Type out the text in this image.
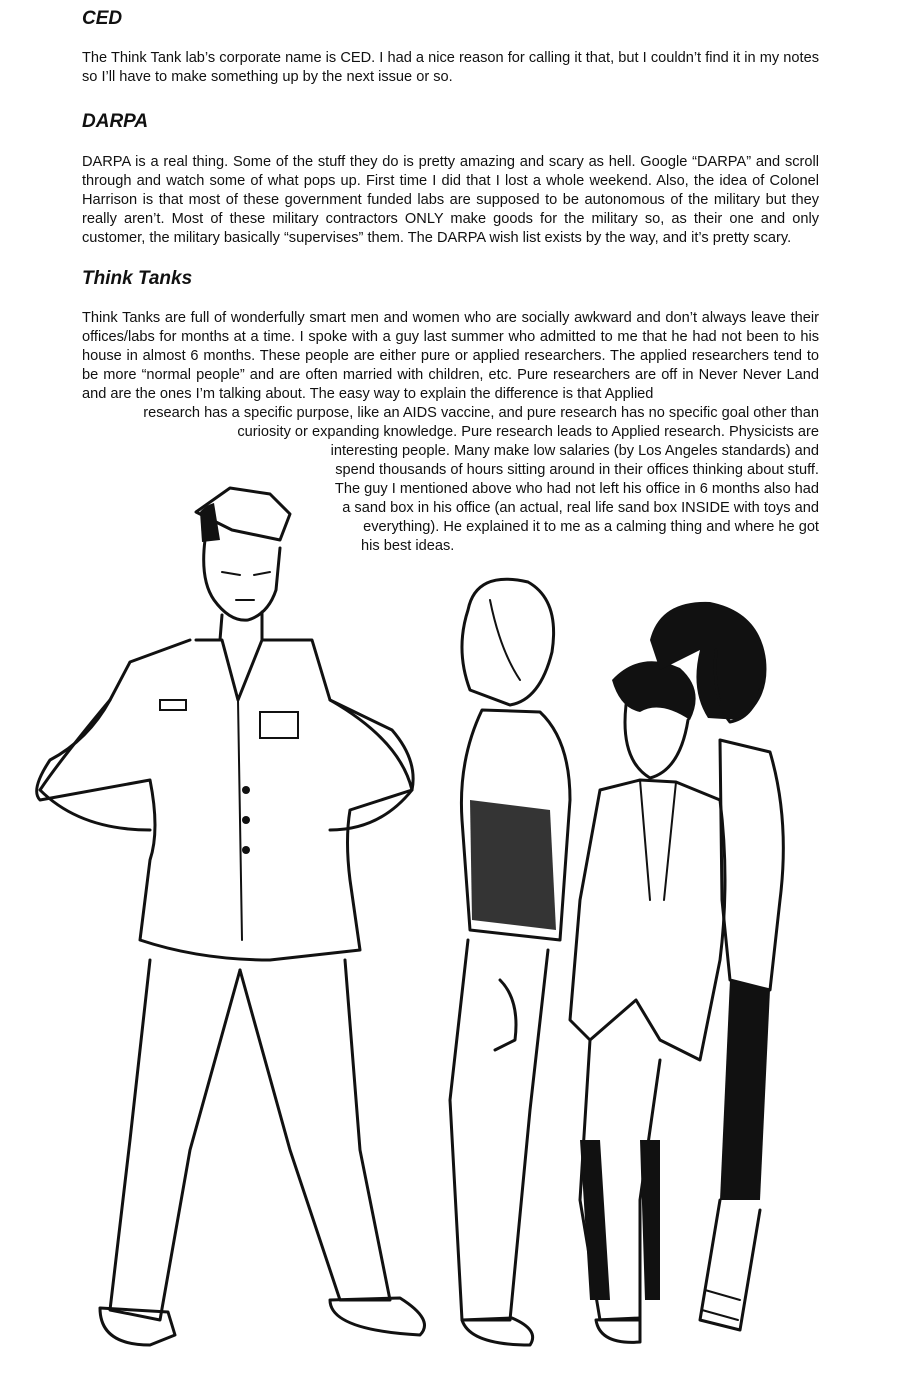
CED

The Think Tank lab’s corporate name is CED. I had a nice reason for calling it that, but I couldn’t find it in my notes so I’ll have to make something up by the next issue or so.

DARPA

DARPA is a real thing. Some of the stuff they do is pretty amazing and scary as hell. Google “DARPA” and scroll through and watch some of what pops up. First time I did that I lost a whole weekend. Also, the idea of Colonel Harrison is that most of these government funded labs are supposed to be autonomous of the military but they really aren’t. Most of these military contractors ONLY make goods for the military so, as their one and only customer, the military basically “supervises” them. The DARPA wish list exists by the way, and it’s pretty scary.

Think Tanks

Think Tanks are full of wonderfully smart men and women who are socially awkward and don’t always leave their offices/labs for months at a time. I spoke with a guy last summer who admitted to me that he had not been to his house in almost 6 months. These people are either pure or applied researchers. The applied researchers tend to be more “normal people” and are often married with children, etc. Pure researchers are off in Never Never Land and are the ones I’m talking about. The easy way to explain the difference is that Applied

research has a specific purpose, like an AIDS vaccine, and pure research has no specific goal other than
curiosity or expanding knowledge. Pure research leads to Applied research. Physicists are
interesting people. Many make low salaries (by Los Angeles standards) and
spend thousands of hours sitting around in their offices thinking about stuff.
The guy I mentioned above who had not left his office in 6 months also had
a sand box in his office (an actual, real life sand box INSIDE with toys and
everything). He explained it to me as a calming thing and where he got
his best ideas.
